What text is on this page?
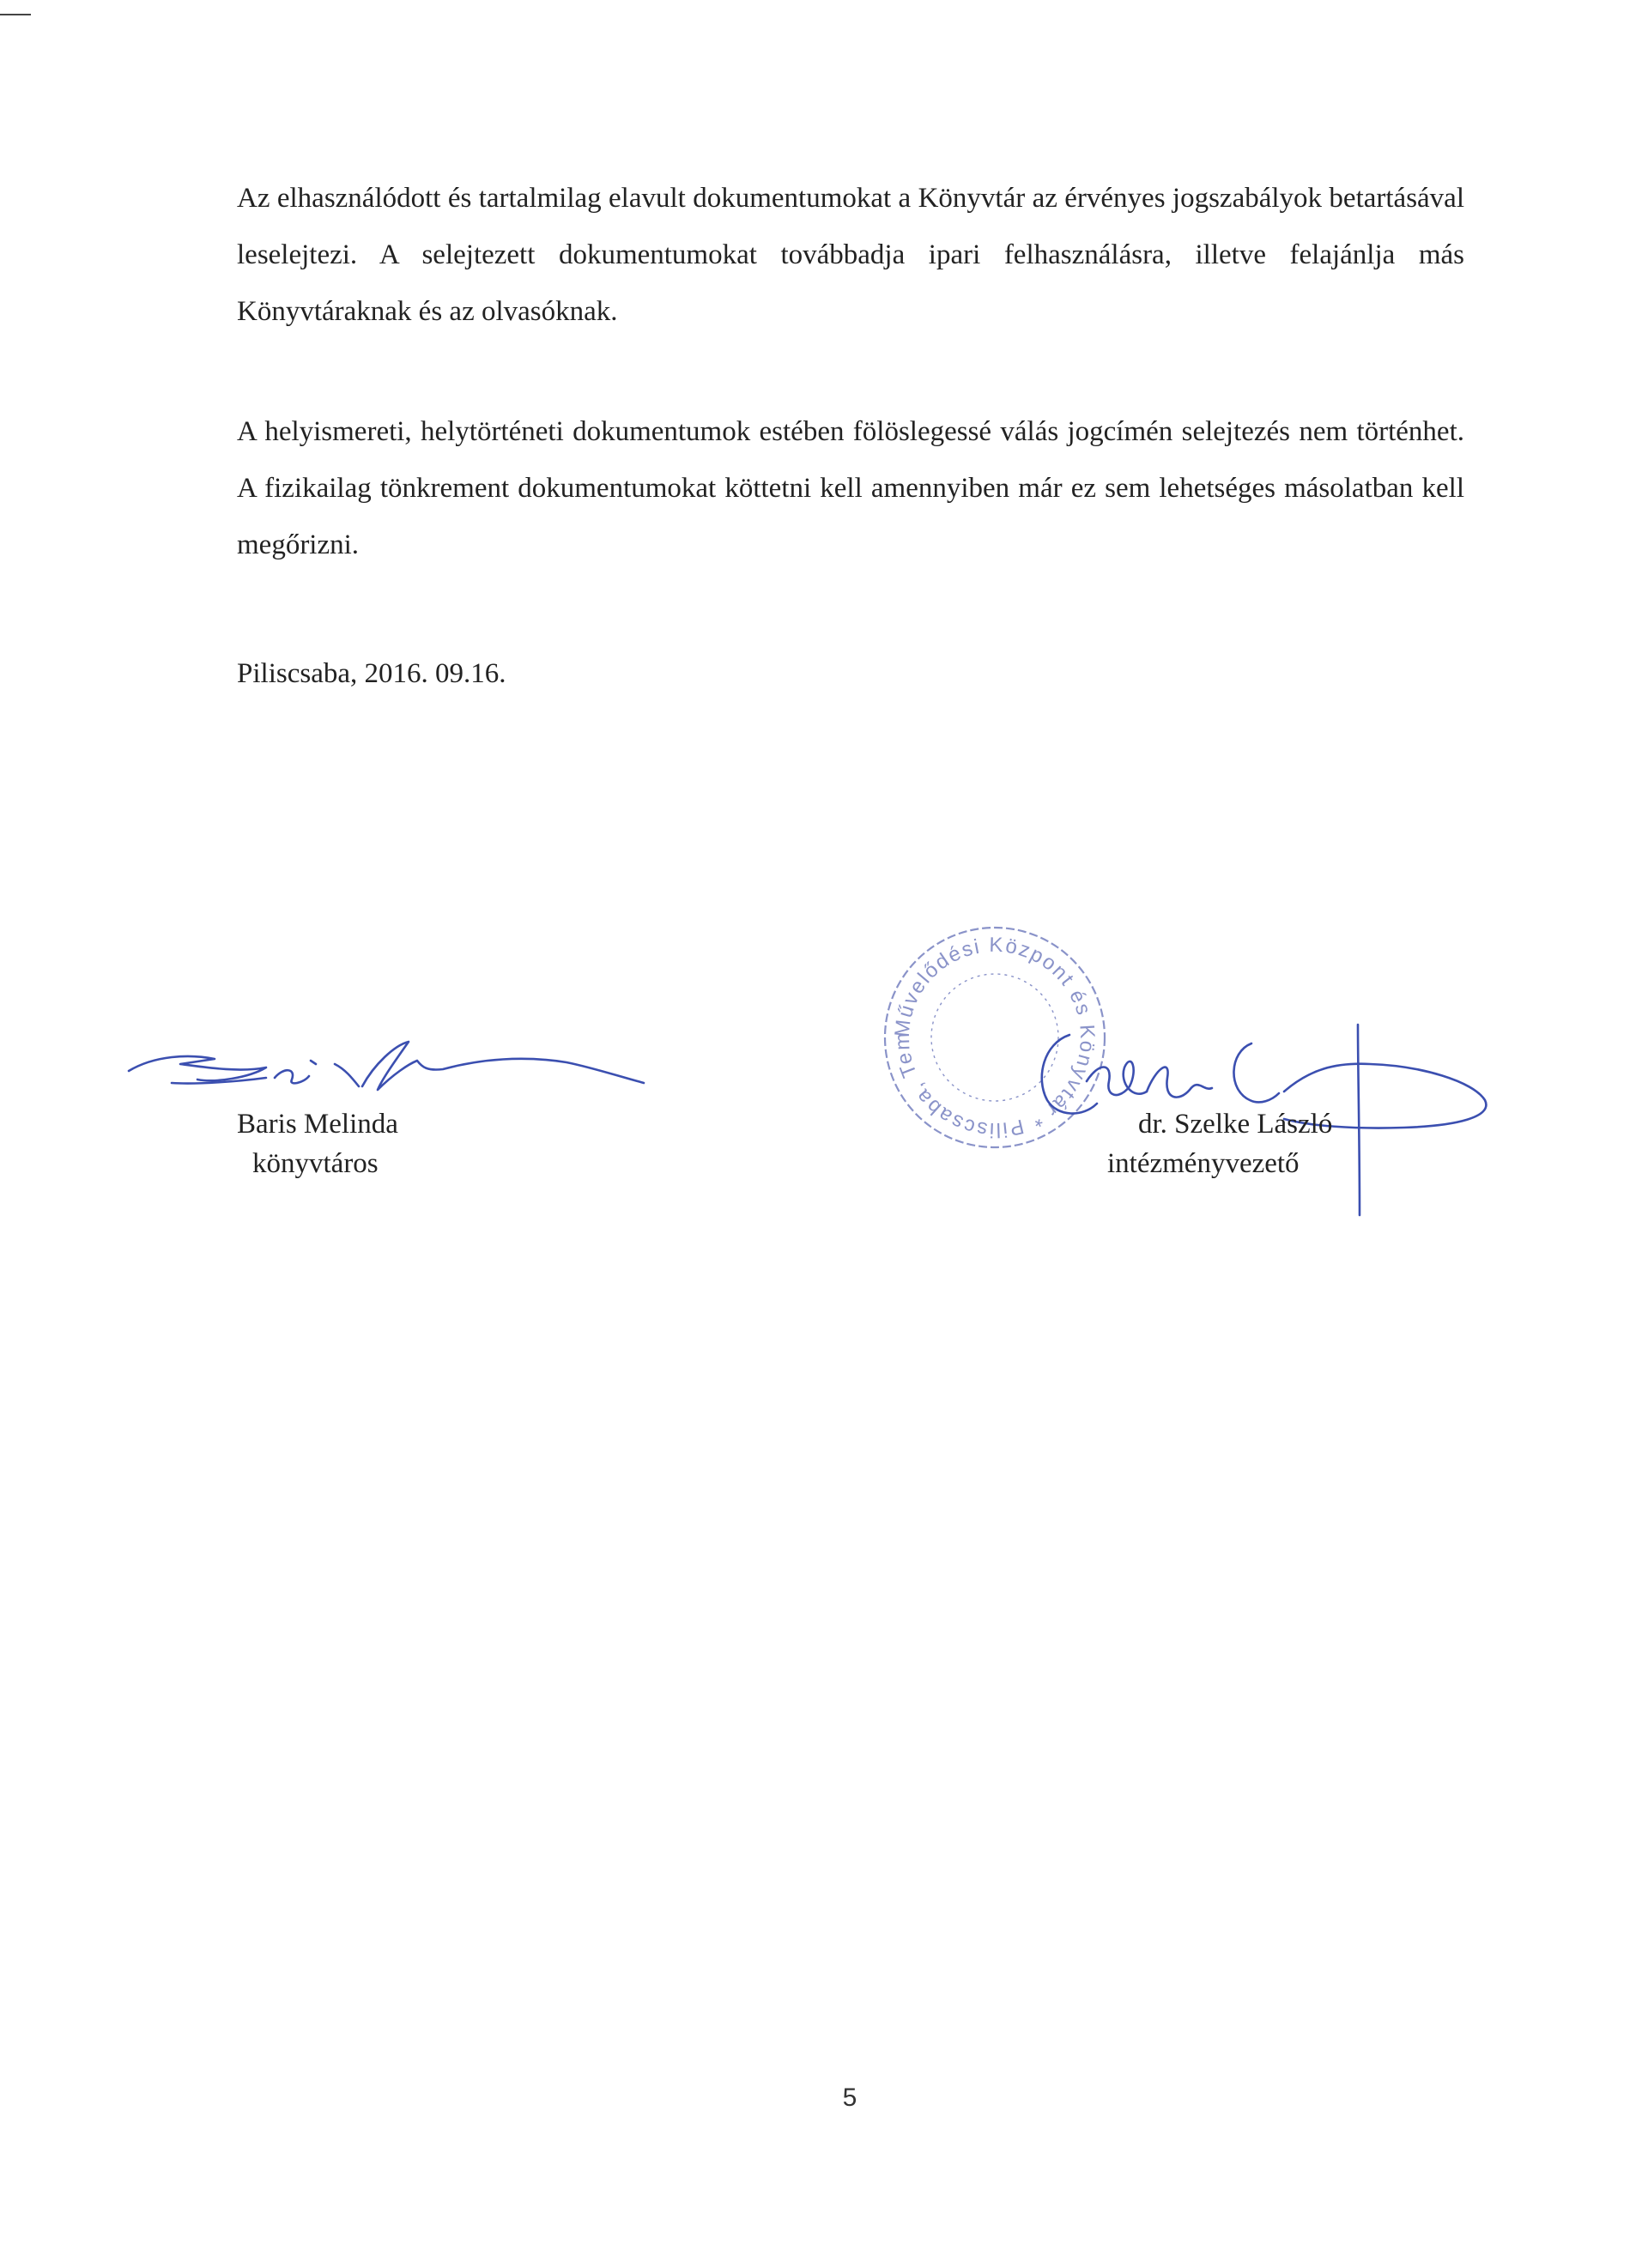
Az elhasználódott és tartalmilag elavult dokumentumokat a Könyvtár az érvényes jogszabályok betartásával leselejtezi. A selejtezett dokumentumokat továbbadja ipari felhasználásra, illetve felajánlja más Könyvtáraknak és az olvasóknak.

A helyismereti, helytörténeti dokumentumok estében fölöslegessé válás jogcímén selejtezés nem történhet. A fizikailag tönkrement dokumentumokat köttetni kell amennyiben már ez sem lehetséges másolatban kell megőrizni.

Piliscsaba, 2016. 09.16.

Művelődési Központ és Könyvtár * Piliscsaba, Templom tér
Baris Melinda
könyvtáros
dr. Szelke László
intézményvezető
5
